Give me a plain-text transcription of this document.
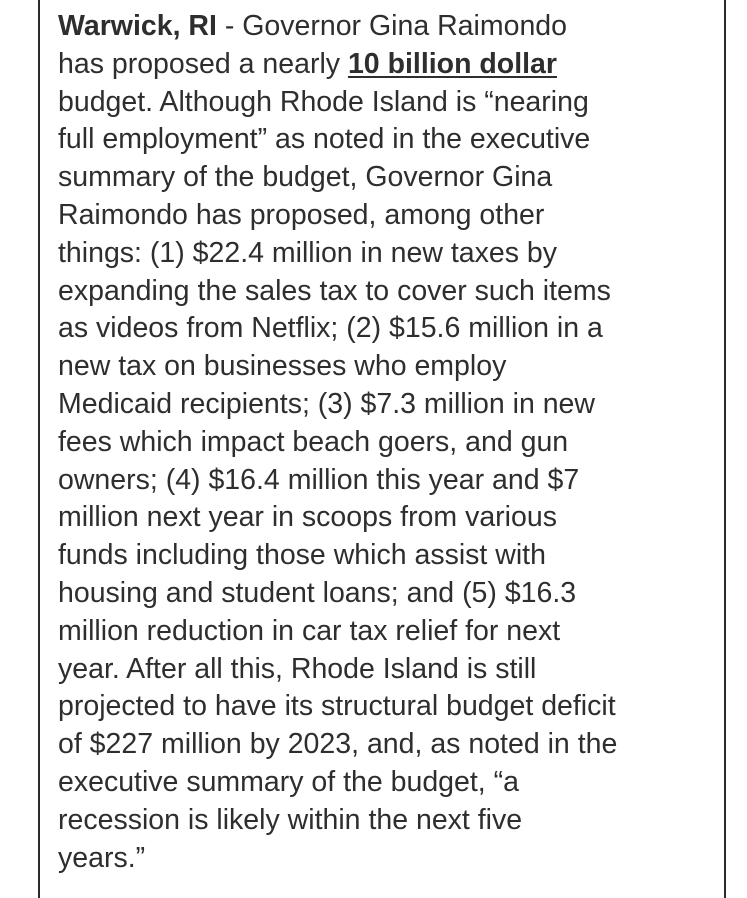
Warwick, RI - Governor Gina Raimondo
has proposed a nearly 10 billion dollar
budget. Although Rhode Island is “nearing
full employment” as noted in the executive
summary of the budget, Governor Gina
Raimondo has proposed, among other
things: (1) $22.4 million in new taxes by
expanding the sales tax to cover such items
as videos from Netflix; (2) $15.6 million in a
new tax on businesses who employ
Medicaid recipients; (3) $7.3 million in new
fees which impact beach goers, and gun
owners; (4) $16.4 million this year and $7
million next year in scoops from various
funds including those which assist with
housing and student loans; and (5) $16.3
million reduction in car tax relief for next
year. After all this, Rhode Island is still
projected to have its structural budget deficit
of $227 million by 2023, and, as noted in the
executive summary of the budget, “a
recession is likely within the next five
years.”
